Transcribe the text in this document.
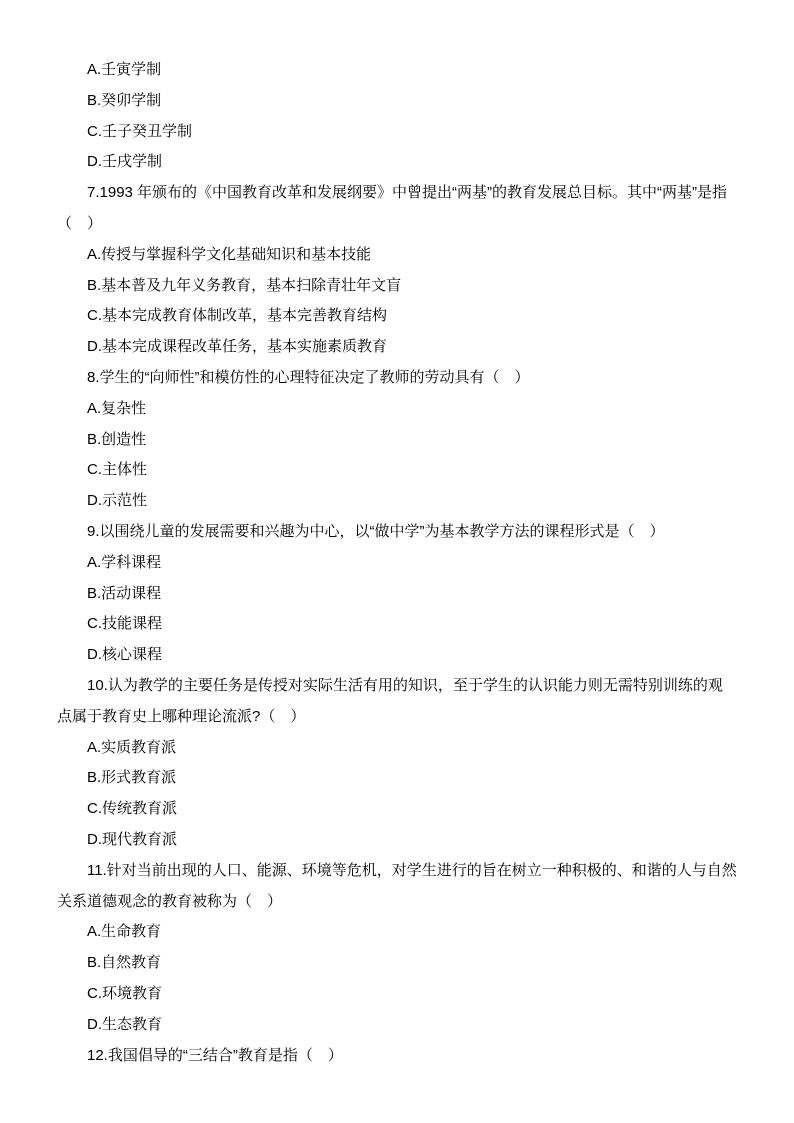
A.壬寅学制

B.癸卯学制

C.壬子癸丑学制

D.壬戌学制

7.1993 年颁布的《中国教育改革和发展纲要》中曾提出“两基”的教育发展总目标。其中“两基”是指（　）

A.传授与掌握科学文化基础知识和基本技能

B.基本普及九年义务教育，基本扫除青壮年文盲

C.基本完成教育体制改革，基本完善教育结构

D.基本完成课程改革任务，基本实施素质教育

8.学生的“向师性”和模仿性的心理特征决定了教师的劳动具有（　）

A.复杂性

B.创造性

C.主体性

D.示范性

9.以围绕儿童的发展需要和兴趣为中心，以“做中学”为基本教学方法的课程形式是（　）

A.学科课程

B.活动课程

C.技能课程

D.核心课程

10.认为教学的主要任务是传授对实际生活有用的知识，至于学生的认识能力则无需特别训练的观点属于教育史上哪种理论流派?（　）

A.实质教育派

B.形式教育派

C.传统教育派

D.现代教育派

11.针对当前出现的人口、能源、环境等危机，对学生进行的旨在树立一种积极的、和谐的人与自然关系道德观念的教育被称为（　）

A.生命教育

B.自然教育

C.环境教育

D.生态教育

12.我国倡导的“三结合”教育是指（　）
